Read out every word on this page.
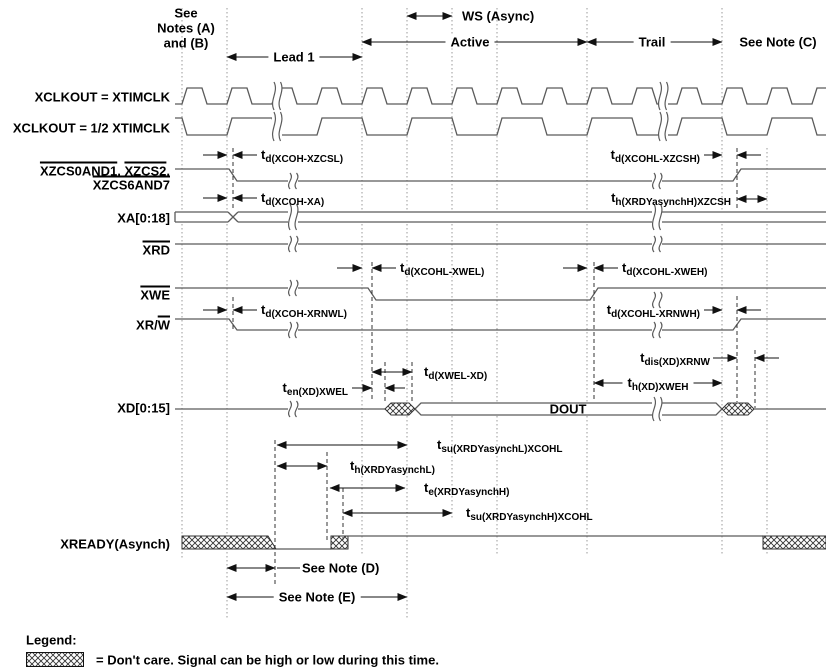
See
Notes (A)
and (B)
Lead 1
WS (Async)
Active	Trail	See Note (C)
XCLKOUT = XTIMCLK
XCLKOUT = 1/2 XTIMCLK
XZCS0AND1, XZCS2,
XZCS6AND7
XA[0:18]
$\overline{XRD}$
$\overline{XWE}$
$XR/\overline{W}$
XD[0:15]
XREADY(Asynch)
DOUT
$t_{d(XCOH-XZCSL)}$
$t_{d(XCOH-XA)}$
$t_{d(XCOHL-XZCSH)}$
$t_{h(XRDYasynchH)XZCSH}$
$t_{d(XCOHL-XWEL)}$	$t_{d(XCOHL-XWEH)}$
$t_{d(XCOH-XRNWL)}$	$t_{d(XCOHL-XRNWH)}$
$t_{dis(XD)XRNW}$
$t_{h(XD)XWEH}$
$t_{en(XD)XWEL}$
$t_{d(XWEL-XD)}$
$t_{su(XRDYasynchL)XCOHL}$
$t_{h(XRDYasynchL)}$
$t_{e(XRDYasynchH)}$
$t_{su(XRDYasynchH)XCOHL}$
See Note (D)
See Note (E)
Legend:
= Don't care. Signal can be high or low during this time.
